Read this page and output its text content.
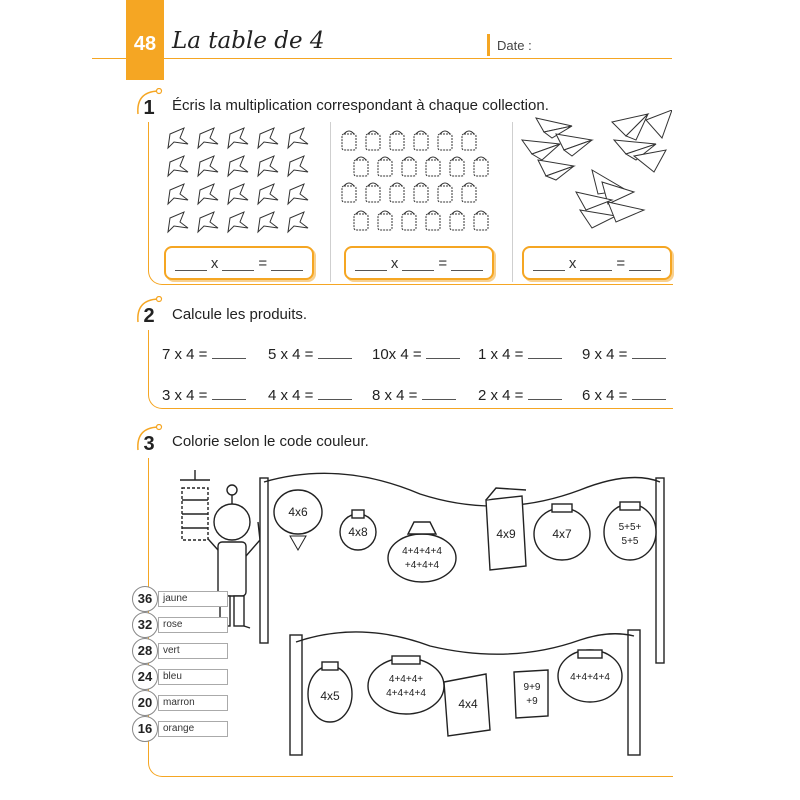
48 La table de 4	Date :
1	Écris la multiplication correspondant à chaque collection.
x	=	x	=	x	=
2	Calcule les produits.
7 x 4 =	5 x 4 =	10x 4 =	1 x 4 =	9 x 4 =
3 x 4 =	4 x 4 =	8 x 4 =	2 x 4 =	6 x 4 =
3	Colorie selon le code couleur.
4x6
4x8
4+4+4+4
+4+4+4
4x9	4x7	5+5+
5+5
4x5
4+4+4+
4+4+4+4
4x4
9+9
+9
4+4+4+4
36	jaune
32	rose
28	vert
24	bleu
20	marron
16	orange
